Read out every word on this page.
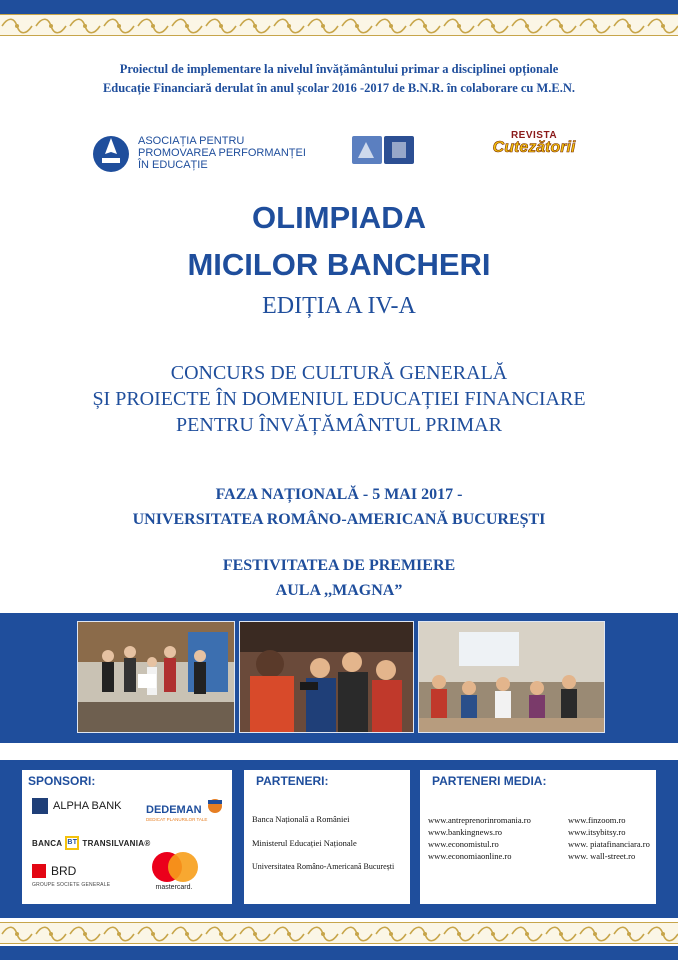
Proiectul de implementare la nivelul învățământului primar a disciplinei opționale
Educație Financiară derulat în anul școlar 2016 -2017 de B.N.R. în colaborare cu M.E.N.
ASOCIAȚIA PENTRU
PROMOVAREA PERFORMANȚEI
ÎN EDUCAȚIE
REVISTA
Cutezătorii
OLIMPIADA
MICILOR BANCHERI
EDIȚIA A IV-A
CONCURS DE CULTURĂ GENERALĂ
ȘI PROIECTE ÎN DOMENIUL EDUCAȚIEI FINANCIARE
PENTRU ÎNVĂȚĂMÂNTUL PRIMAR
FAZA NAȚIONALĂ - 5 MAI 2017 -
UNIVERSITATEA ROMÂNO-AMERICANĂ BUCUREȘTI
FESTIVITATEA DE PREMIERE
AULA ,,MAGNA”
SPONSORI:
ALPHA BANK
BANCA BT TRANSILVANIA®
BRD
GROUPE SOCIETE GENERALE
DEDEMAN
DEDICAT PLANURILOR TALE
mastercard.
PARTENERI:
Banca Națională a României
Ministerul Educației Naționale
Universitatea Româno-Americană București
PARTENERI MEDIA:
www.antreprenorinromania.ro
www.bankingnews.ro
www.economistul.ro
www.economiaonline.ro
www.finzoom.ro
www.itsybitsy.ro
www. piatafinanciara.ro
www. wall-street.ro
